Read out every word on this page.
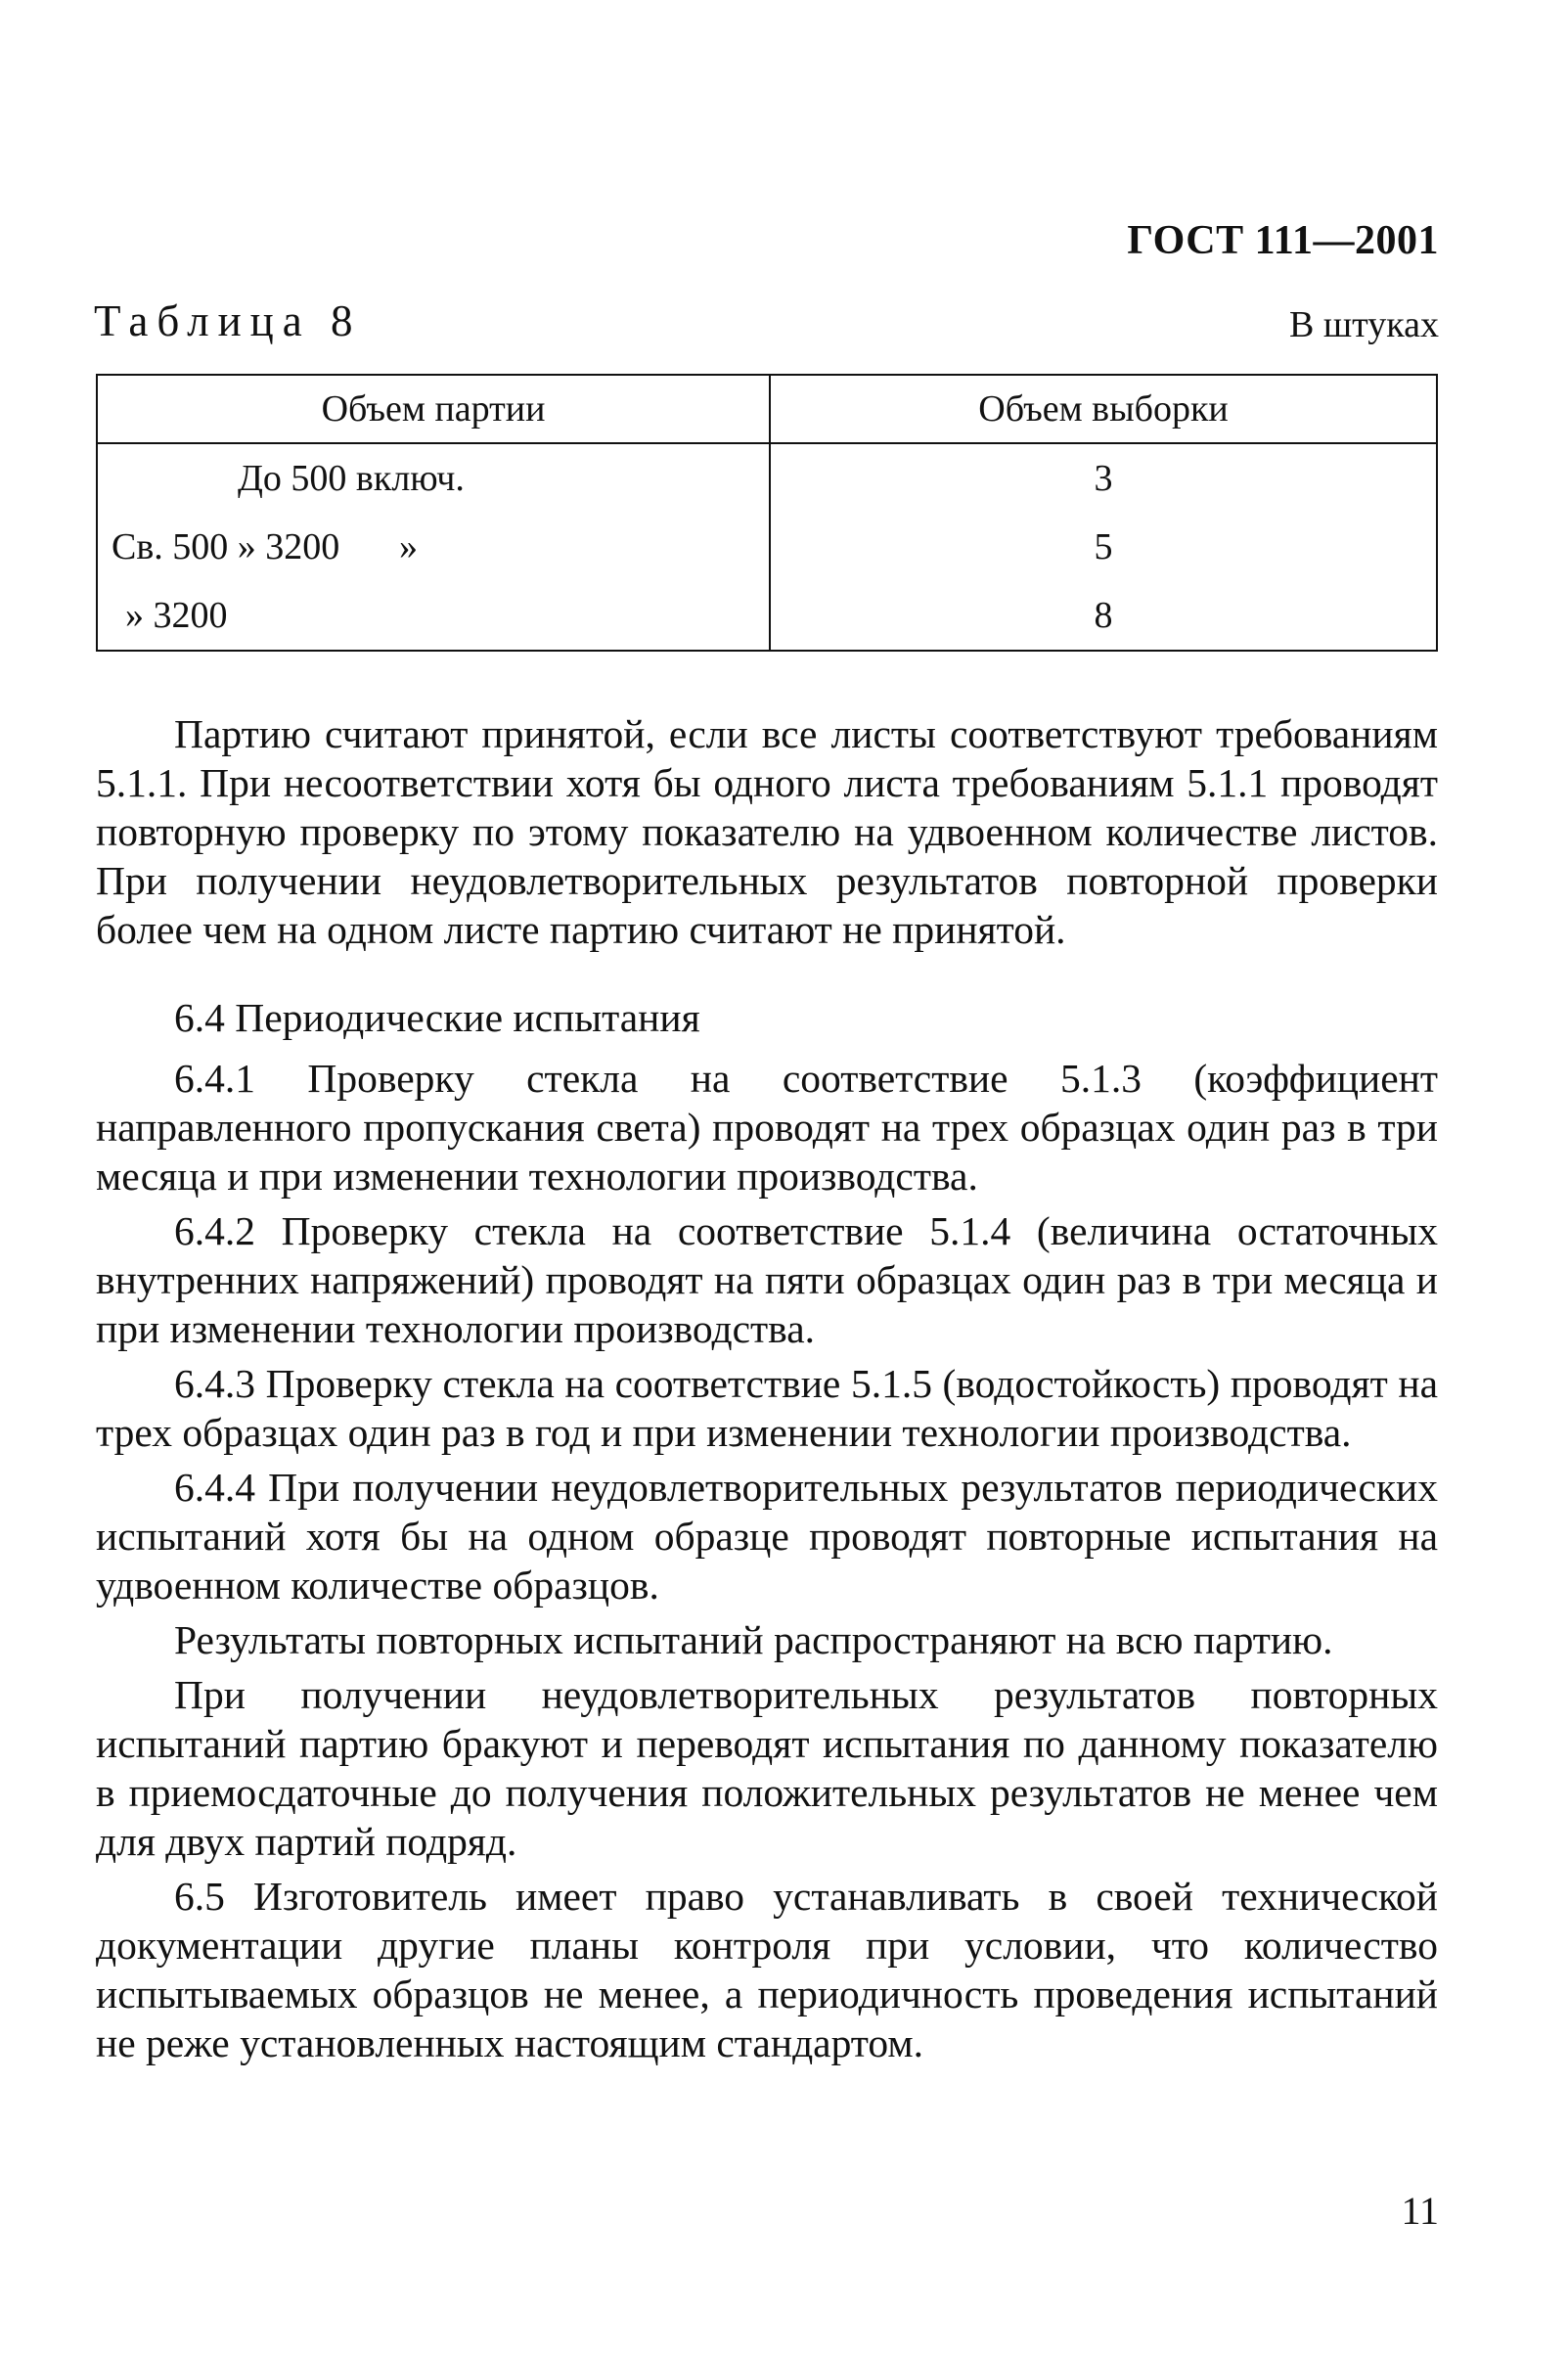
ГОСТ 111—2001
Таблица 8	В штуках
Объем партии	Объем выборки

До 500 включ.	3

Св. 500 » 3200 »	5

» 3200	8

Партию считают принятой, если все листы соответствуют требованиям 5.1.1. При несоответствии хотя бы одного листа требованиям 5.1.1 проводят повторную проверку по этому показателю на удвоенном количестве листов. При получении неудовлетворительных результатов повторной проверки более чем на одном листе партию считают не принятой.

6.4 Периодические испытания

6.4.1 Проверку стекла на соответствие 5.1.3 (коэффициент направленного пропускания света) проводят на трех образцах один раз в три месяца и при изменении технологии производства.

6.4.2 Проверку стекла на соответствие 5.1.4 (величина остаточных внутренних напряжений) проводят на пяти образцах один раз в три месяца и при изменении технологии производства.

6.4.3 Проверку стекла на соответствие 5.1.5 (водостойкость) проводят на трех образцах один раз в год и при изменении технологии производства.

6.4.4 При получении неудовлетворительных результатов периодических испытаний хотя бы на одном образце проводят повторные испытания на удвоенном количестве образцов.

Результаты повторных испытаний распространяют на всю партию.

При получении неудовлетворительных результатов повторных испытаний партию бракуют и переводят испытания по данному показателю в приемосдаточные до получения положительных результатов не менее чем для двух партий подряд.

6.5 Изготовитель имеет право устанавливать в своей технической документации другие планы контроля при условии, что количество испытываемых образцов не менее, а периодичность проведения испытаний не реже установленных настоящим стандартом.

11
